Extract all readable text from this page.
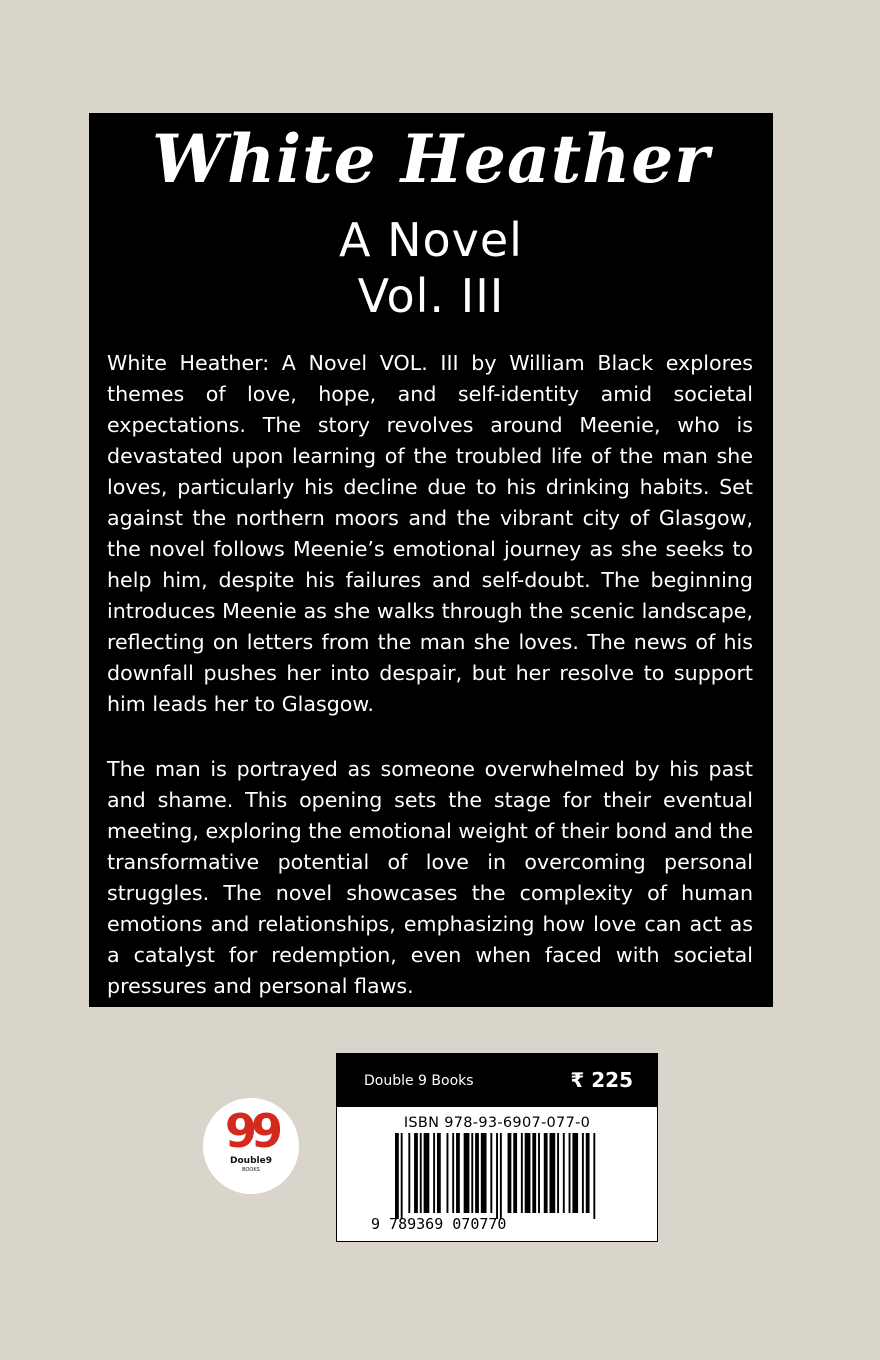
White Heather
A Novel
Vol. III

White Heather: A Novel VOL. III by William Black explores themes of love, hope, and self-identity amid societal expectations. The story revolves around Meenie, who is devastated upon learning of the troubled life of the man she loves, particularly his decline due to his drinking habits. Set against the northern moors and the vibrant city of Glasgow, the novel follows Meenie’s emotional journey as she seeks to help him, despite his failures and self-doubt. The beginning introduces Meenie as she walks through the scenic landscape, reflecting on letters from the man she loves. The news of his downfall pushes her into despair, but her resolve to support him leads her to Glasgow.

The man is portrayed as someone overwhelmed by his past and shame. This opening sets the stage for their eventual meeting, exploring the emotional weight of their bond and the transformative potential of love in overcoming personal struggles. The novel showcases the complexity of human emotions and relationships, emphasizing how love can act as a catalyst for redemption, even when faced with societal pressures and personal flaws.

99
Double9
BOOKS
Double 9 Books	₹ 225
ISBN 978-93-6907-077-0
9 789369 070770
